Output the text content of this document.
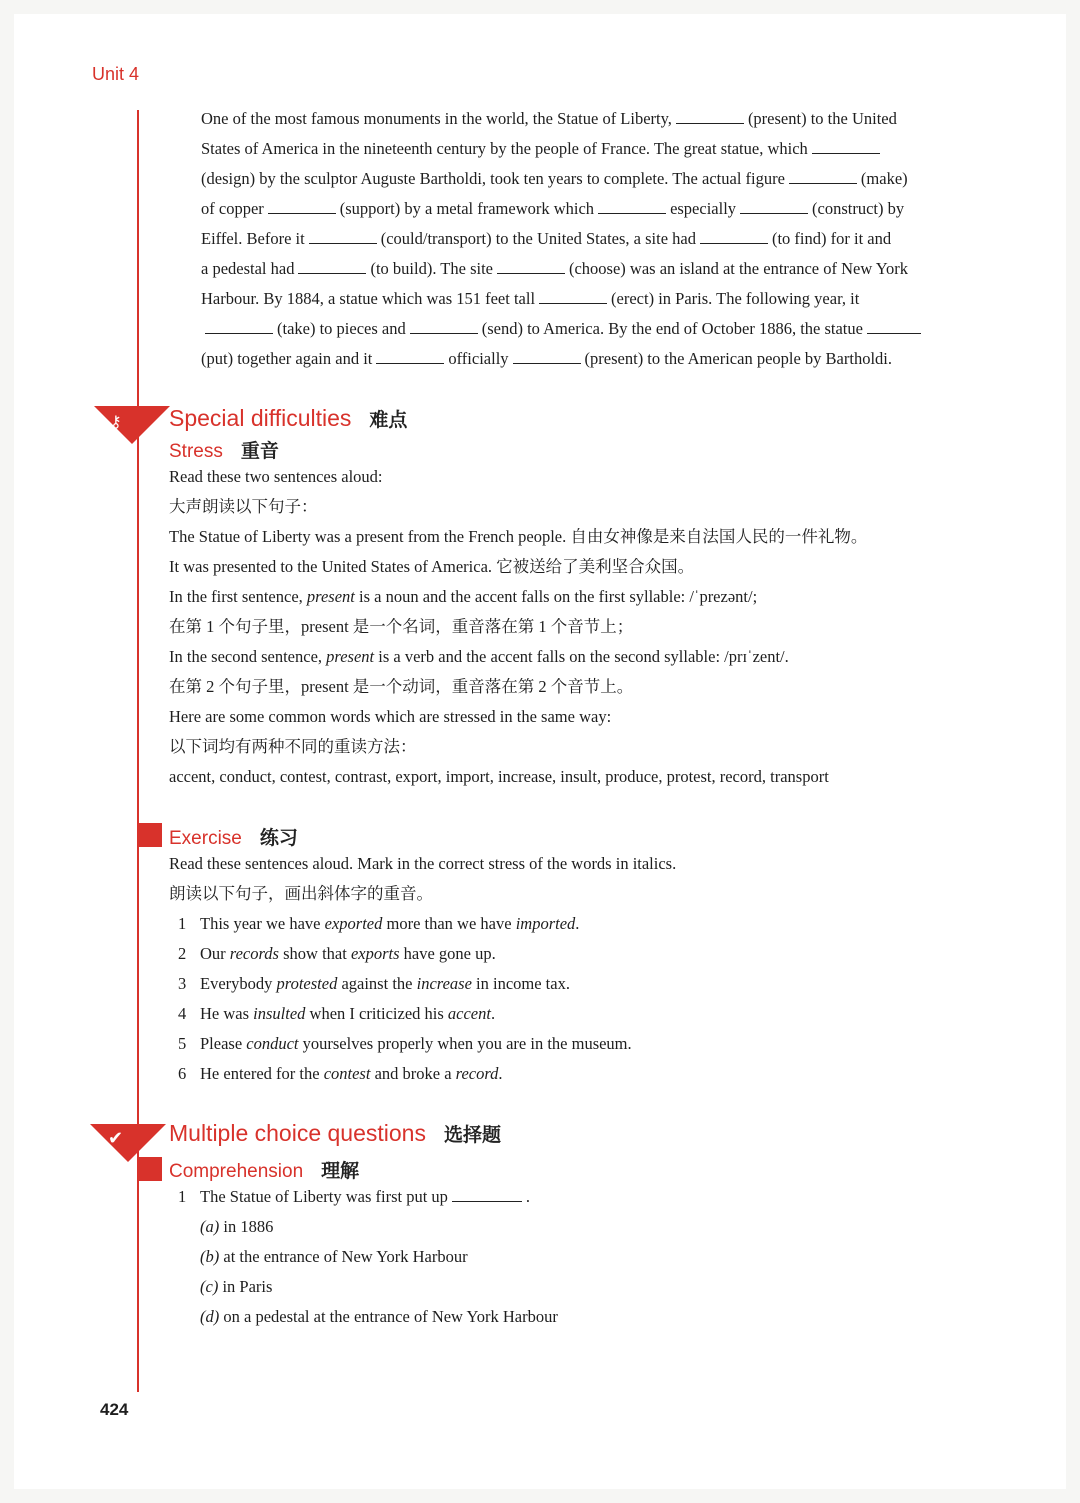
Unit 4
424
One of the most famous monuments in the world, the Statue of Liberty,	(present) to the United
States of America in the nineteenth century by the people of France. The great statue, which
(design) by the sculptor Auguste Bartholdi, took ten years to complete. The actual figure	(make)
of copper	(support) by a metal framework which	especially	(construct) by
Eiffel. Before it	(could/transport) to the United States, a site had	(to find) for it and
a pedestal had	(to build). The site	(choose) was an island at the entrance of New York
Harbour. By 1884, a statue which was 151 feet tall	(erect) in Paris. The following year, it
(take) to pieces and	(send) to America. By the end of October 1886, the statue
(put) together again and it	officially	(present) to the American people by Bartholdi.
⚷ Special difficulties 难点
Stress 重音
Read these two sentences aloud:
大声朗读以下句子：
The Statue of Liberty was a present from the French people. 自由女神像是来自法国人民的一件礼物。
It was presented to the United States of America. 它被送给了美利坚合众国。
In the first sentence, present is a noun and the accent falls on the first syllable: /ˈprezənt/;
在第 1 个句子里，present 是一个名词，重音落在第 1 个音节上；
In the second sentence, present is a verb and the accent falls on the second syllable: /prɪˈzent/.
在第 2 个句子里，present 是一个动词，重音落在第 2 个音节上。
Here are some common words which are stressed in the same way:
以下词均有两种不同的重读方法：
accent, conduct, contest, contrast, export, import, increase, insult, produce, protest, record, transport
Exercise 练习
Read these sentences aloud. Mark in the correct stress of the words in italics.
朗读以下句子，画出斜体字的重音。
1 This year we have exported more than we have imported.
2 Our records show that exports have gone up.
3 Everybody protested against the increase in income tax.
4 He was insulted when I criticized his accent.
5 Please conduct yourselves properly when you are in the museum.
6 He entered for the contest and broke a record.
✔ Multiple choice questions 选择题
Comprehension 理解
1 The Statue of Liberty was first put up	.
(a) in 1886
(b) at the entrance of New York Harbour
(c) in Paris
(d) on a pedestal at the entrance of New York Harbour
